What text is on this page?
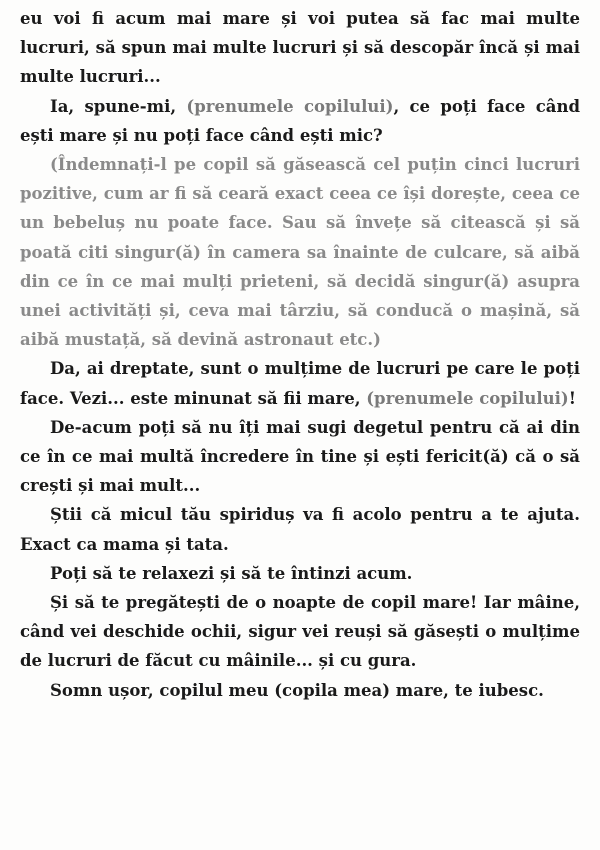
eu voi fi acum mai mare și voi putea să fac mai multe lucruri, să spun mai multe lucruri și să descopăr încă și mai multe lucruri...

Ia, spune-mi, (prenumele copilului), ce poți face când ești mare și nu poți face când ești mic?

(Îndemnați-l pe copil să găsească cel puțin cinci lucruri pozitive, cum ar fi să ceară exact ceea ce își dorește, ceea ce un bebeluș nu poate face. Sau să învețe să citească și să poată citi singur(ă) în camera sa înainte de culcare, să aibă din ce în ce mai mulți prieteni, să decidă singur(ă) asupra unei activități și, ceva mai târziu, să conducă o mașină, să aibă mustață, să devină astronaut etc.)

Da, ai dreptate, sunt o mulțime de lucruri pe care le poți face. Vezi... este minunat să fii mare, (prenumele copilului)!

De-acum poți să nu îți mai sugi degetul pentru că ai din ce în ce mai multă încredere în tine și ești fericit(ă) că o să crești și mai mult...

Știi că micul tău spiriduș va fi acolo pentru a te ajuta. Exact ca mama și tata.

Poți să te relaxezi și să te întinzi acum.

Și să te pregătești de o noapte de copil mare! Iar mâine, când vei deschide ochii, sigur vei reuși să găsești o mulțime de lucruri de făcut cu mâinile... și cu gura.

Somn ușor, copilul meu (copila mea) mare, te iubesc.
